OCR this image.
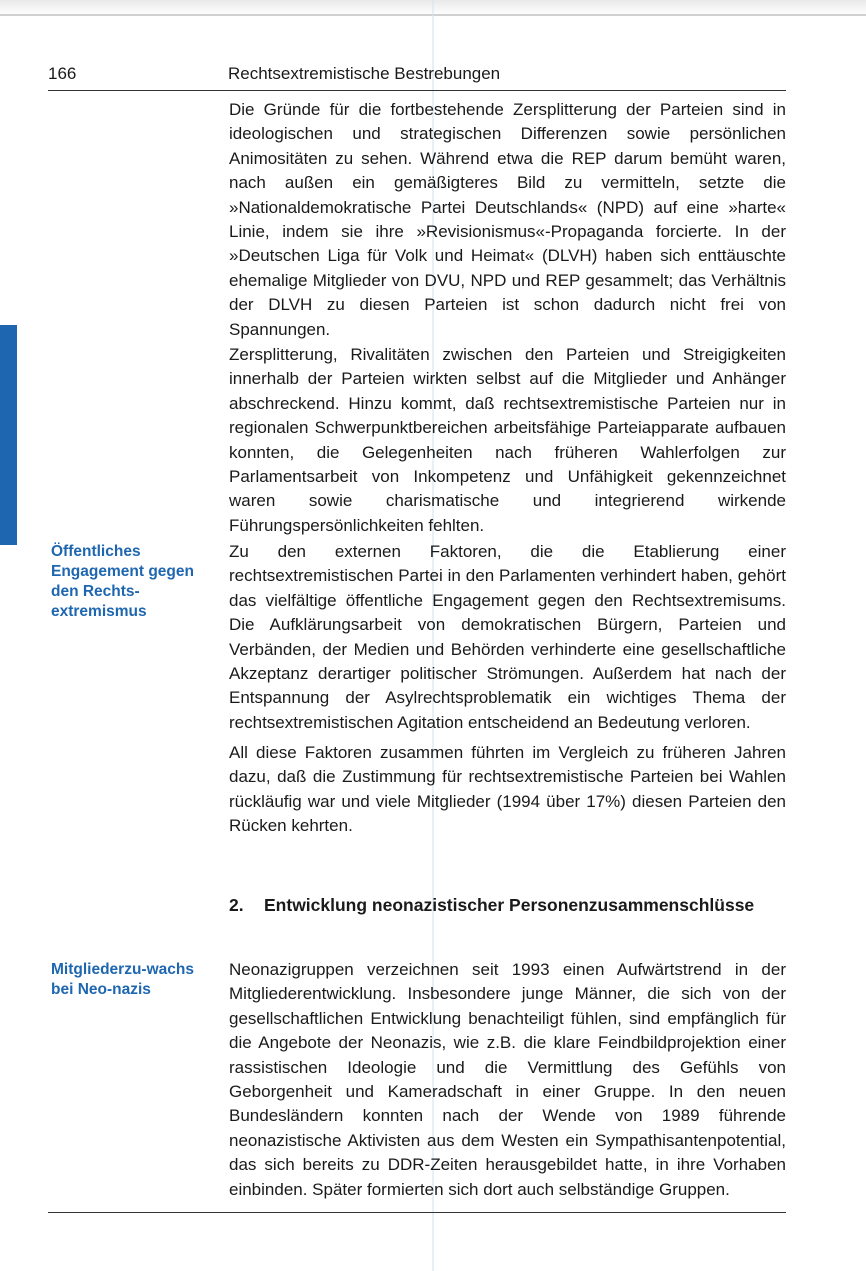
166	Rechtsextremistische Bestrebungen

Die Gründe für die fortbestehende Zersplitterung der Parteien sind in ideologischen und strategischen Differenzen sowie persönlichen Animositäten zu sehen. Während etwa die REP darum bemüht waren, nach außen ein gemäßigteres Bild zu vermitteln, setzte die »Nationaldemokratische Partei Deutschlands« (NPD) auf eine »harte« Linie, indem sie ihre »Revisionismus«-Propaganda forcierte. In der »Deutschen Liga für Volk und Heimat« (DLVH) haben sich enttäuschte ehemalige Mitglieder von DVU, NPD und REP gesammelt; das Verhältnis der DLVH zu diesen Parteien ist schon dadurch nicht frei von Spannungen.

Zersplitterung, Rivalitäten zwischen den Parteien und Streigigkeiten innerhalb der Parteien wirkten selbst auf die Mitglieder und Anhänger abschreckend. Hinzu kommt, daß rechtsextremistische Parteien nur in regionalen Schwerpunktbereichen arbeitsfähige Parteiapparate aufbauen konnten, die Gelegenheiten nach früheren Wahlerfolgen zur Parlamentsarbeit von Inkompetenz und Unfähigkeit gekennzeichnet waren sowie charismatische und integrierend wirkende Führungspersönlichkeiten fehlten.

Öffentliches Engagement gegen den Rechts-extremismus

Zu den externen Faktoren, die die Etablierung einer rechtsextremistischen Partei in den Parlamenten verhindert haben, gehört das vielfältige öffentliche Engagement gegen den Rechtsextremisums. Die Aufklärungsarbeit von demokratischen Bürgern, Parteien und Verbänden, der Medien und Behörden verhinderte eine gesellschaftliche Akzeptanz derartiger politischer Strömungen. Außerdem hat nach der Entspannung der Asylrechtsproblematik ein wichtiges Thema der rechtsextremistischen Agitation entscheidend an Bedeutung verloren.

All diese Faktoren zusammen führten im Vergleich zu früheren Jahren dazu, daß die Zustimmung für rechtsextremistische Parteien bei Wahlen rückläufig war und viele Mitglieder (1994 über 17%) diesen Parteien den Rücken kehrten.

2. Entwicklung neonazistischer Personenzusammenschlüsse
Mitgliederzu-wachs bei Neo-nazis

Neonazigruppen verzeichnen seit 1993 einen Aufwärtstrend in der Mitgliederentwicklung. Insbesondere junge Männer, die sich von der gesellschaftlichen Entwicklung benachteiligt fühlen, sind empfänglich für die Angebote der Neonazis, wie z.B. die klare Feindbildprojektion einer rassistischen Ideologie und die Vermittlung des Gefühls von Geborgenheit und Kameradschaft in einer Gruppe. In den neuen Bundesländern konnten nach der Wende von 1989 führende neonazistische Aktivisten aus dem Westen ein Sympathisantenpotential, das sich bereits zu DDR-Zeiten herausgebildet hatte, in ihre Vorhaben einbinden. Später formierten sich dort auch selbständige Gruppen.
